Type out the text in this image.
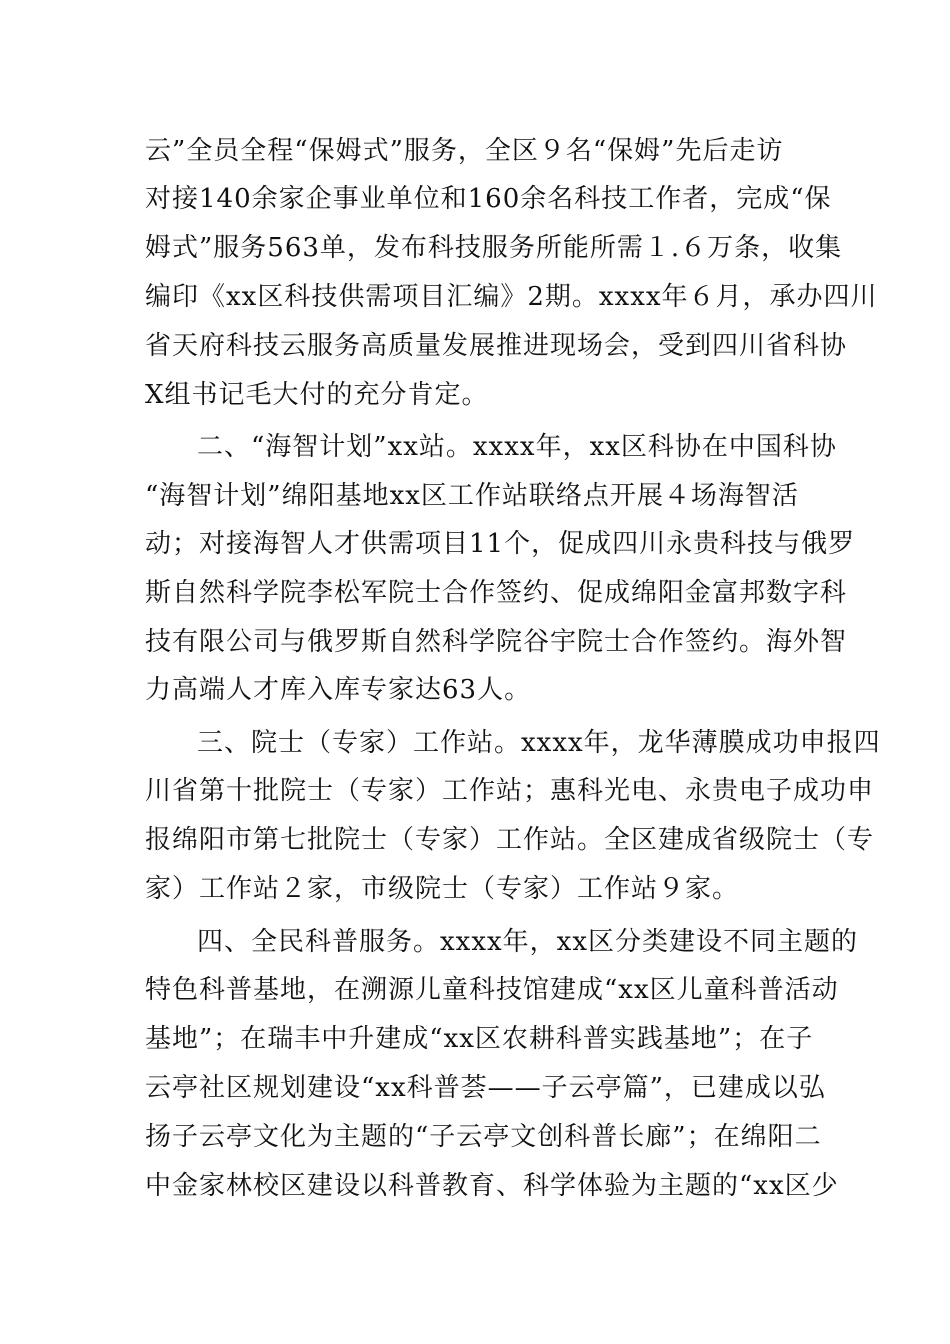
云”全员全程“保姆式”服务，全区９名“保姆”先后走访
对接140余家企事业单位和160余名科技工作者，完成“保
姆式”服务563单，发布科技服务所能所需１.６万条，收集
编印《xx区科技供需项目汇编》2期。xxxx年６月，承办四川
省天府科技云服务高质量发展推进现场会，受到四川省科协
X组书记毛大付的充分肯定。
二、“海智计划”xx站。xxxx年，xx区科协在中国科协
“海智计划”绵阳基地xx区工作站联络点开展４场海智活
动；对接海智人才供需项目11个，促成四川永贵科技与俄罗
斯自然科学院李松军院士合作签约、促成绵阳金富邦数字科
技有限公司与俄罗斯自然科学院谷宇院士合作签约。海外智
力高端人才库入库专家达63人。
三、院士（专家）工作站。xxxx年，龙华薄膜成功申报四
川省第十批院士（专家）工作站；惠科光电、永贵电子成功申
报绵阳市第七批院士（专家）工作站。全区建成省级院士（专
家）工作站２家，市级院士（专家）工作站９家。
四、全民科普服务。xxxx年，xx区分类建设不同主题的
特色科普基地，在溯源儿童科技馆建成“xx区儿童科普活动
基地”；在瑞丰中升建成“xx区农耕科普实践基地”；在子
云亭社区规划建设“xx科普荟——子云亭篇”，已建成以弘
扬子云亭文化为主题的“子云亭文创科普长廊”；在绵阳二
中金家林校区建设以科普教育、科学体验为主题的“xx区少
